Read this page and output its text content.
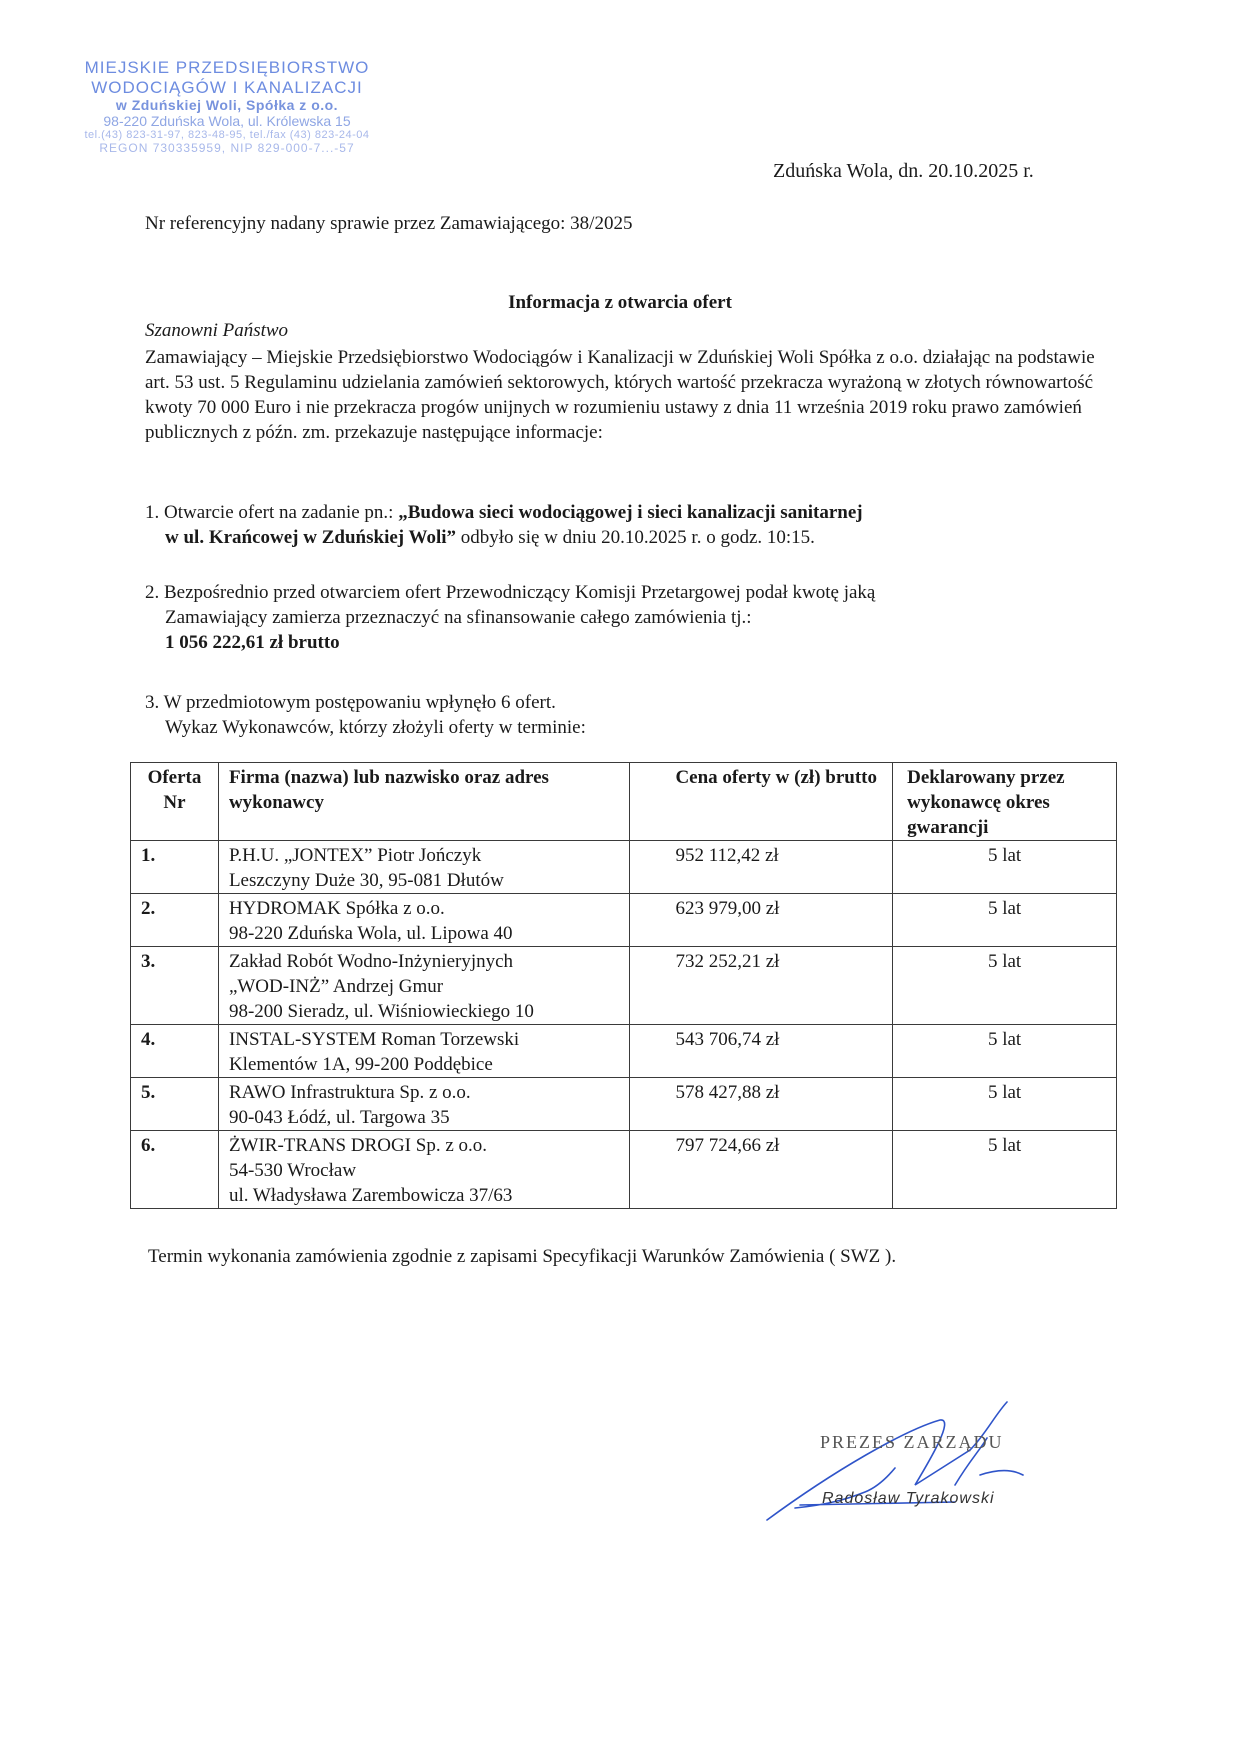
MIEJSKIE PRZEDSIĘBIORSTWO
WODOCIĄGÓW I KANALIZACJI
w Zduńskiej Woli, Spółka z o.o.
98-220 Zduńska Wola, ul. Królewska 15
tel.(43) 823-31-97, 823-48-95, tel./fax (43) 823-24-04
REGON 730335959, NIP 829-000-7...-57
Zduńska Wola, dn. 20.10.2025 r.
Nr referencyjny nadany sprawie przez Zamawiającego: 38/2025
Informacja z otwarcia ofert
Szanowni Państwo
Zamawiający – Miejskie Przedsiębiorstwo Wodociągów i Kanalizacji w Zduńskiej Woli Spółka z o.o. działając na podstawie art. 53 ust. 5 Regulaminu udzielania zamówień sektorowych, których wartość przekracza wyrażoną w złotych równowartość kwoty 70 000 Euro i nie przekracza progów unijnych w rozumieniu ustawy z dnia 11 września 2019 roku prawo zamówień publicznych z późn. zm. przekazuje następujące informacje:
1. Otwarcie ofert na zadanie pn.: „Budowa sieci wodociągowej i sieci kanalizacji sanitarnej
w ul. Krańcowej w Zduńskiej Woli” odbyło się w dniu 20.10.2025 r. o godz. 10:15.
2. Bezpośrednio przed otwarciem ofert Przewodniczący Komisji Przetargowej podał kwotę jaką
Zamawiający zamierza przeznaczyć na sfinansowanie całego zamówienia tj.:
1 056 222,61 zł brutto
3. W przedmiotowym postępowaniu wpłynęło 6 ofert.
Wykaz Wykonawców, którzy złożyli oferty w terminie:
Oferta Nr	Firma (nazwa) lub nazwisko oraz adres wykonawcy	Cena oferty w (zł) brutto	Deklarowany przez wykonawcę okres gwarancji
1.	P.H.U. „JONTEX” Piotr Jończyk
Leszczyny Duże 30, 95-081 Dłutów	952 112,42 zł	5 lat
2.	HYDROMAK Spółka z o.o.
98-220 Zduńska Wola, ul. Lipowa 40	623 979,00 zł	5 lat
3.	Zakład Robót Wodno-Inżynieryjnych
„WOD-INŻ” Andrzej Gmur
98-200 Sieradz, ul. Wiśniowieckiego 10	732 252,21 zł	5 lat
4.	INSTAL-SYSTEM Roman Torzewski
Klementów 1A, 99-200 Poddębice	543 706,74 zł	5 lat
5.	RAWO Infrastruktura Sp. z o.o.
90-043 Łódź, ul. Targowa 35	578 427,88 zł	5 lat
6.	ŻWIR-TRANS DROGI Sp. z o.o.
54-530 Wrocław
ul. Władysława Zarembowicza 37/63	797 724,66 zł	5 lat
Termin wykonania zamówienia zgodnie z zapisami Specyfikacji Warunków Zamówienia ( SWZ ).
PREZES ZARZĄDU
Radosław Tyrakowski
